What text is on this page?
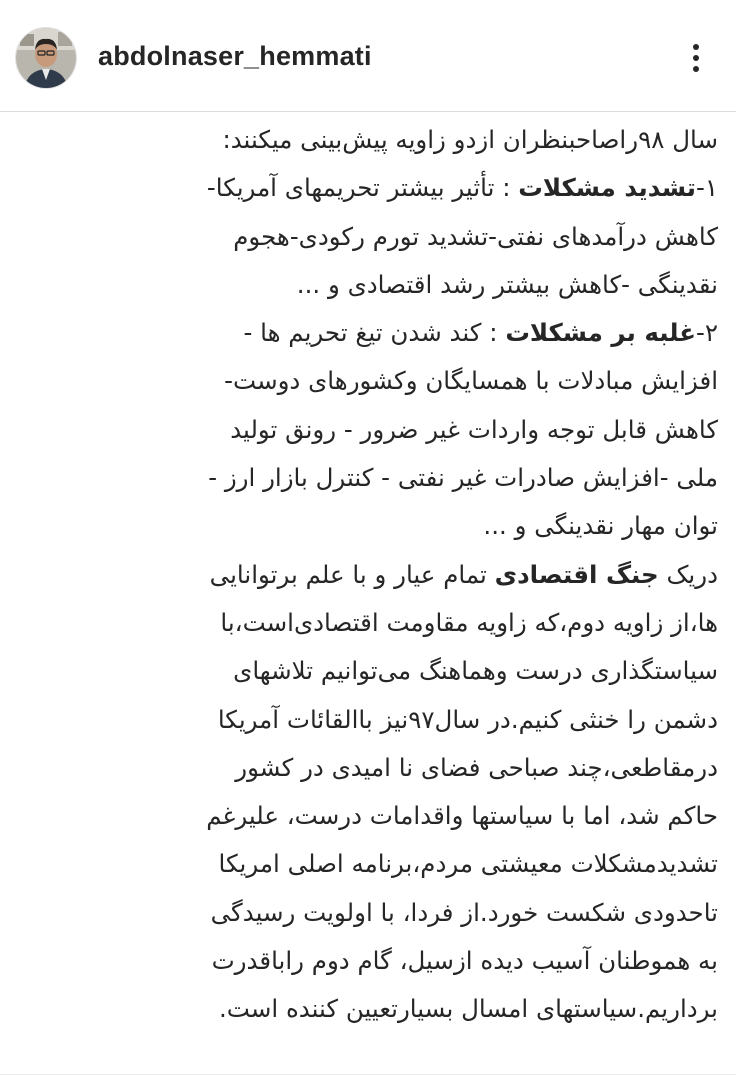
abdolnaser_hemmati
سال ۹۸راصاحبنظران ازدو زاویه پیش‌بینی میکنند:
۱-تشدید مشکلات : تأثیر بیشتر تحریمهای آمریکا-
کاهش درآمدهای نفتی-تشدید تورم رکودی-هجوم
نقدینگی -کاهش بیشتر رشد اقتصادی و ...
۲-غلبه بر مشکلات : کند شدن تیغ تحریم ها -
افزایش مبادلات با همسایگان وکشورهای دوست-
کاهش قابل توجه واردات غیر ضرور - رونق تولید
ملی -افزایش صادرات غیر نفتی - کنترل بازار ارز -
توان مهار نقدینگی و ...
دریک جنگ اقتصادی تمام عیار و با علم برتوانایی
ها،از زاویه دوم،که زاویه مقاومت اقتصادی‌است،با
سیاستگذاری درست وهماهنگ می‌توانیم تلاشهای
دشمن را خنثی کنیم.در سال۹۷نیز باالقائات آمریکا
درمقاطعی،چند صباحی فضای نا امیدی در کشور
حاکم شد، اما با سیاستها واقدامات درست، علیرغم
تشدیدمشکلات معیشتی مردم،برنامه اصلی امریکا
تاحدودی شکست خورد.از فردا، با اولویت رسیدگی
به هموطنان آسیب دیده ازسیل، گام دوم راباقدرت
برداریم.سیاستهای امسال بسیارتعیین کننده است.
